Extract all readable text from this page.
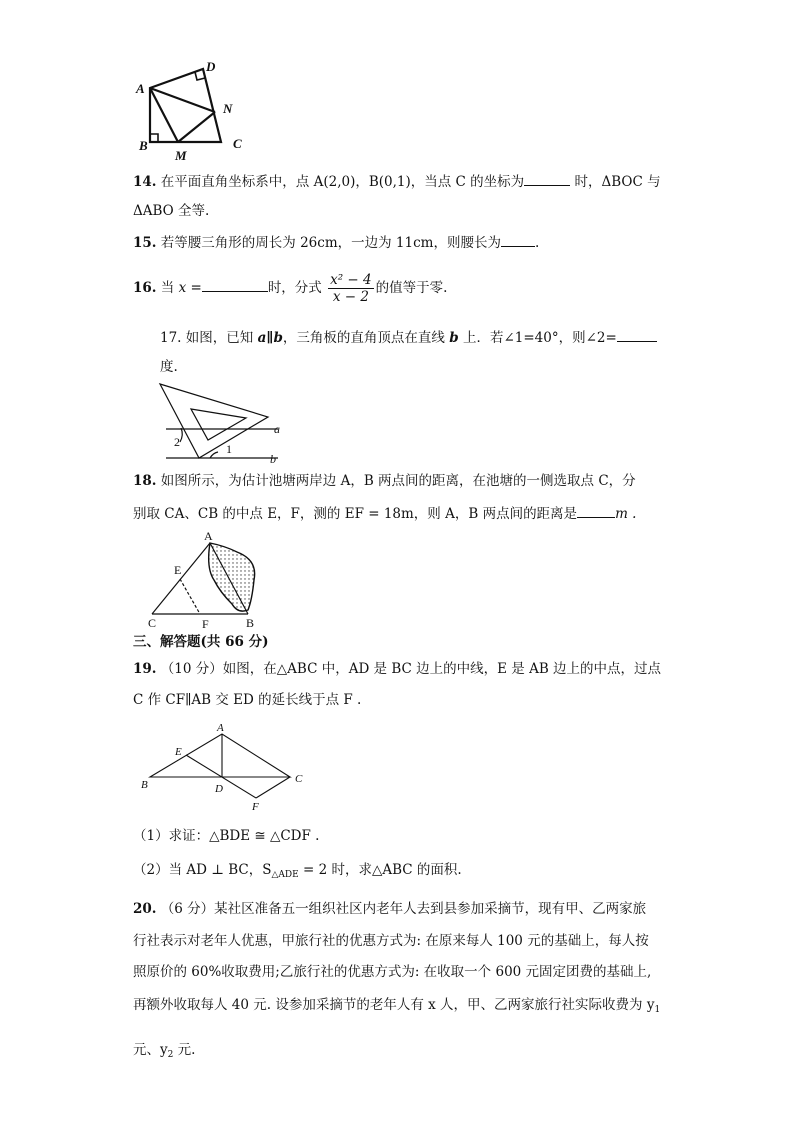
A
B	C
D
M
N
14. 在平面直角坐标系中，点 A(2,0)，B(0,1)，当点 C 的坐标为	时，ΔBOC 与
ΔABO 全等.
15. 若等腰三角形的周长为 26cm，一边为 11cm，则腰长为	.
16. 当 x =	时，分式 $\frac{\text{x² − 4}}{x - 2}$ 的值等于零.
17. 如图，已知 a∥b，三角板的直角顶点在直线 b 上．若∠1=40°，则∠2=
度.
a
b
1
2
18. 如图所示，为估计池塘两岸边 A，B 两点间的距离，在池塘的一侧选取点 C，分
别取 CA、CB 的中点 E，F，测的 EF = 18m，则 A，B 两点间的距离是	m .
A
B
C
E
F
三、解答题(共 66 分)
19. （10 分）如图，在△ABC 中，AD 是 BC 边上的中线，E 是 AB 边上的中点，过点
C 作 CF∥AB 交 ED 的延长线于点 F .
A
B	C
D
E
F
（1）求证：△BDE ≅ △CDF .
（2）当 AD ⊥ BC，$S_{\triangle ADE} = 2$ 时，求△ABC 的面积.
20. （6 分）某社区准备五一组织社区内老年人去到县参加采摘节，现有甲、乙两家旅
行社表示对老年人优惠，甲旅行社的优惠方式为: 在原来每人 100 元的基础上，每人按
照原价的 60%收取费用;乙旅行社的优惠方式为: 在收取一个 600 元固定团费的基础上,
再额外收取每人 40 元. 设参加采摘节的老年人有 x 人，甲、乙两家旅行社实际收费为 $y_1$
元、$y_2$ 元.
